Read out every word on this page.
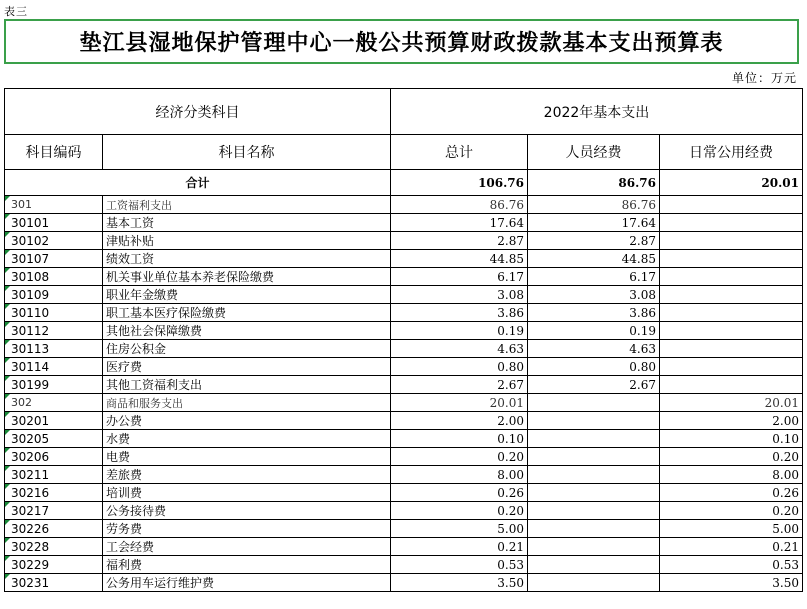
表三
垫江县湿地保护管理中心一般公共预算财政拨款基本支出预算表
单位：万元
经济分类科目		2022年基本支出		
科目编码	科目名称	总计	人员经费	日常公用经费
合计		106.76	86.76	20.01
301	工资福利支出	86.76	86.76	
30101	基本工资	17.64	17.64	
30102	津贴补贴	2.87	2.87	
30107	绩效工资	44.85	44.85	
30108	机关事业单位基本养老保险缴费	6.17	6.17	
30109	职业年金缴费	3.08	3.08	
30110	职工基本医疗保险缴费	3.86	3.86	
30112	其他社会保障缴费	0.19	0.19	
30113	住房公积金	4.63	4.63	
30114	医疗费	0.80	0.80	
30199	其他工资福利支出	2.67	2.67	
302	商品和服务支出	20.01		20.01
30201	办公费	2.00		2.00
30205	水费	0.10		0.10
30206	电费	0.20		0.20
30211	差旅费	8.00		8.00
30216	培训费	0.26		0.26
30217	公务接待费	0.20		0.20
30226	劳务费	5.00		5.00
30228	工会经费	0.21		0.21
30229	福利费	0.53		0.53
30231	公务用车运行维护费	3.50		3.50
